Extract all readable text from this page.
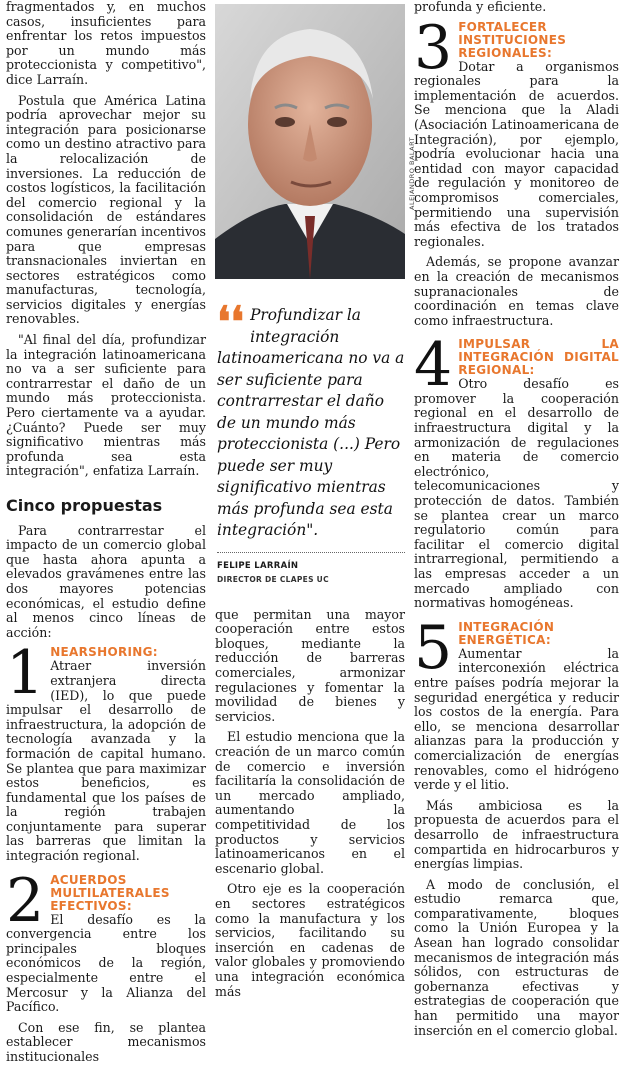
fragmentados y, en muchos casos, insuficientes para enfrentar los retos impuestos por un mundo más proteccionista y competitivo", dice Larraín.

Postula que América Latina podría aprovechar mejor su integración para posicionarse como un destino atractivo para la relocalización de inversiones. La reducción de costos logísticos, la facilitación del comercio regional y la consolidación de estándares comunes generarían incentivos para que empresas transnacionales inviertan en sectores estratégicos como manufacturas, tecnología, servicios digitales y energías renovables.

"Al final del día, profundizar la integración latinoamericana no va a ser suficiente para contrarrestar el daño de un mundo más proteccionista. Pero ciertamente va a ayudar. ¿Cuánto? Puede ser muy significativo mientras más profunda sea esta integración", enfatiza Larraín.

Cinco propuestas

Para contrarrestar el impacto de un comercio global que hasta ahora apunta a elevados gravámenes entre las dos mayores potencias económicas, el estudio define al menos cinco líneas de acción:

1 NEARSHORING:

Atraer inversión extranjera directa (IED), lo que puede impulsar el desarrollo de infraestructura, la adopción de tecnología avanzada y la formación de capital humano. Se plantea que para maximizar estos beneficios, es fundamental que los países de la región trabajen conjuntamente para superar las barreras que limitan la integración regional.

2 ACUERDOS MULTILATERALES EFECTIVOS:

El desafío es la convergencia entre los principales bloques económicos de la región, especialmente entre el Mercosur y la Alianza del Pacífico.

Con ese fin, se plantea establecer mecanismos institucionales

❛❛ Profundizar la integración latinoamericana no va a ser suficiente para contrarrestar el daño de un mundo más proteccionista (...) Pero puede ser muy significativo mientras más profunda sea esta integración".
FELIPE LARRAÍN
DIRECTOR DE CLAPES UC

que permitan una mayor cooperación entre estos bloques, mediante la reducción de barreras comerciales, armonizar regulaciones y fomentar la movilidad de bienes y servicios.

El estudio menciona que la creación de un marco común de comercio e inversión facilitaría la consolidación de un mercado ampliado, aumentando la competitividad de los productos y servicios latinoamericanos en el escenario global.

Otro eje es la cooperación en sectores estratégicos como la manufactura y los servicios, facilitando su inserción en cadenas de valor globales y promoviendo una integración económica más

ALEJANDRO BALART

profunda y eficiente.

3 FORTALECER INSTITUCIONES REGIONALES:

Dotar a organismos regionales para la implementación de acuerdos. Se menciona que la Aladi (Asociación Latinoamericana de Integración), por ejemplo, podría evolucionar hacia una entidad con mayor capacidad de regulación y monitoreo de compromisos comerciales, permitiendo una supervisión más efectiva de los tratados regionales.

Además, se propone avanzar en la creación de mecanismos supranacionales de coordinación en temas clave como infraestructura.

4 IMPULSAR LA INTEGRACIÓN DIGITAL REGIONAL:

Otro desafío es promover la cooperación regional en el desarrollo de infraestructura digital y la armonización de regulaciones en materia de comercio electrónico, telecomunicaciones y protección de datos. También se plantea crear un marco regulatorio común para facilitar el comercio digital intrarregional, permitiendo a las empresas acceder a un mercado ampliado con normativas homogéneas.

5 INTEGRACIÓN ENERGÉTICA:

Aumentar la interconexión eléctrica entre países podría mejorar la seguridad energética y reducir los costos de la energía. Para ello, se menciona desarrollar alianzas para la producción y comercialización de energías renovables, como el hidrógeno verde y el litio.

Más ambiciosa es la propuesta de acuerdos para el desarrollo de infraestructura compartida en hidrocarburos y energías limpias.

A modo de conclusión, el estudio remarca que, comparativamente, bloques como la Unión Europea y la Asean han logrado consolidar mecanismos de integración más sólidos, con estructuras de gobernanza efectivas y estrategias de cooperación que han permitido una mayor inserción en el comercio global.
